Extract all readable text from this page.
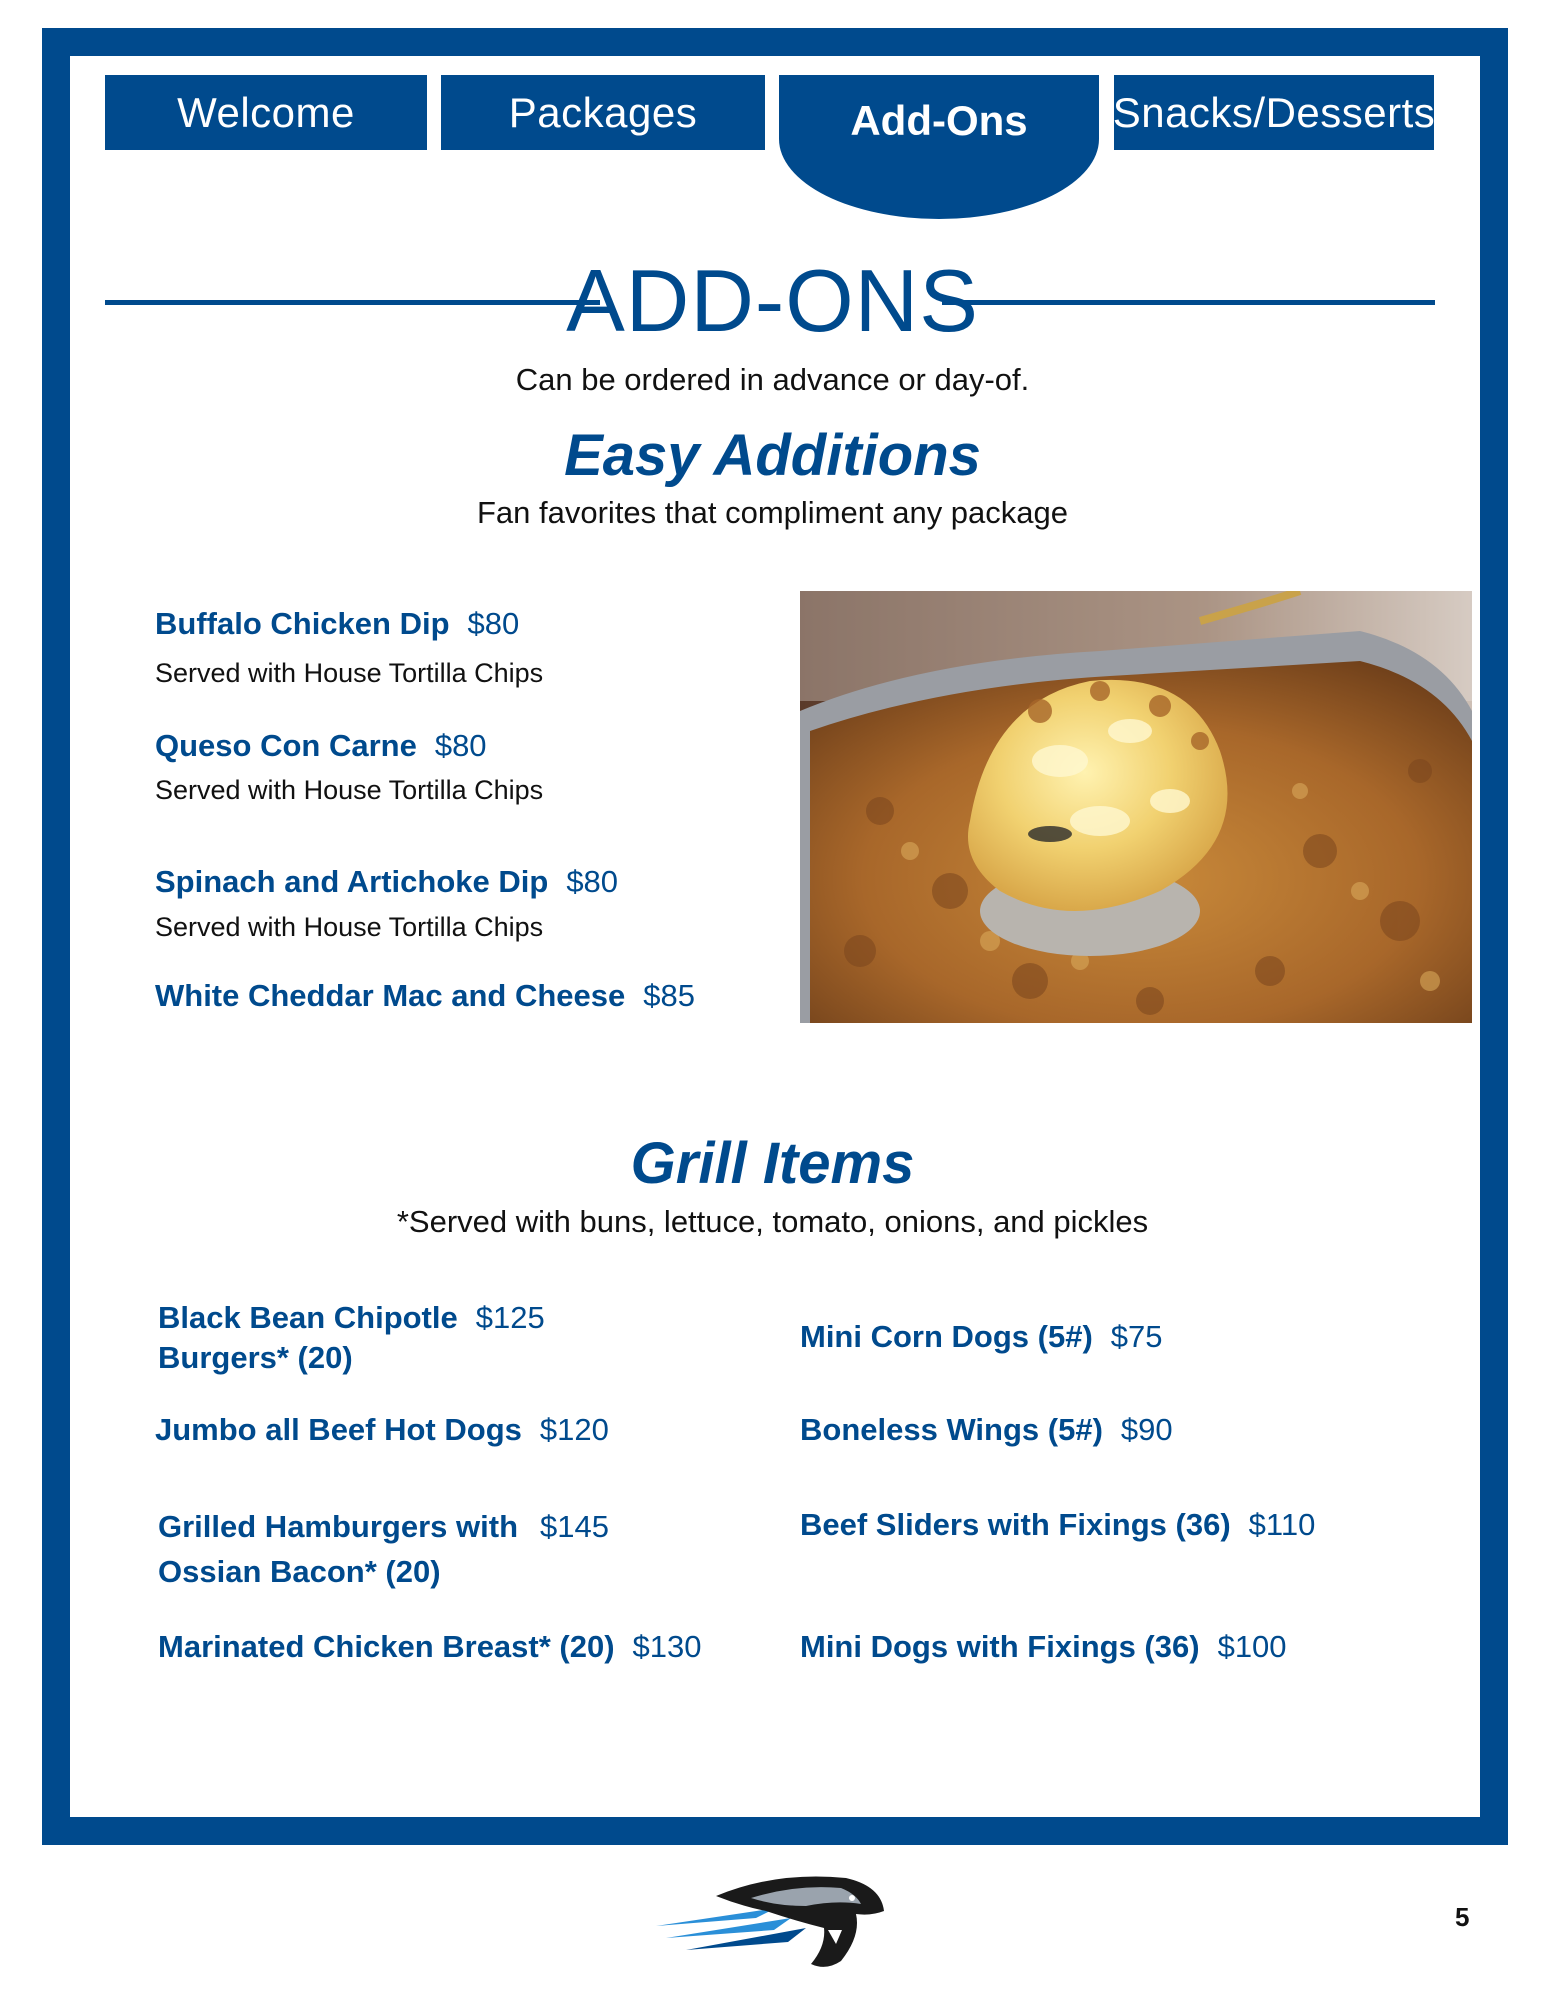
Welcome	Packages	Add-Ons Snacks/Desserts
ADD-ONS
Can be ordered in advance or day-of.
Easy Additions
Fan favorites that compliment any package
Buffalo Chicken Dip $80
Served with House Tortilla Chips
Queso Con Carne $80
Served with House Tortilla Chips
Spinach and Artichoke Dip $80
Served with House Tortilla Chips
White Cheddar Mac and Cheese $85
Grill Items
*Served with buns, lettuce, tomato, onions, and pickles
Black Bean Chipotle $125
Burgers* (20)
Jumbo all Beef Hot Dogs $120
Grilled Hamburgers with $145
Ossian Bacon* (20)
Marinated Chicken Breast* (20) $130
Mini Corn Dogs (5#) $75
Boneless Wings (5#) $90
Beef Sliders with Fixings (36) $110
Mini Dogs with Fixings (36) $100
5
